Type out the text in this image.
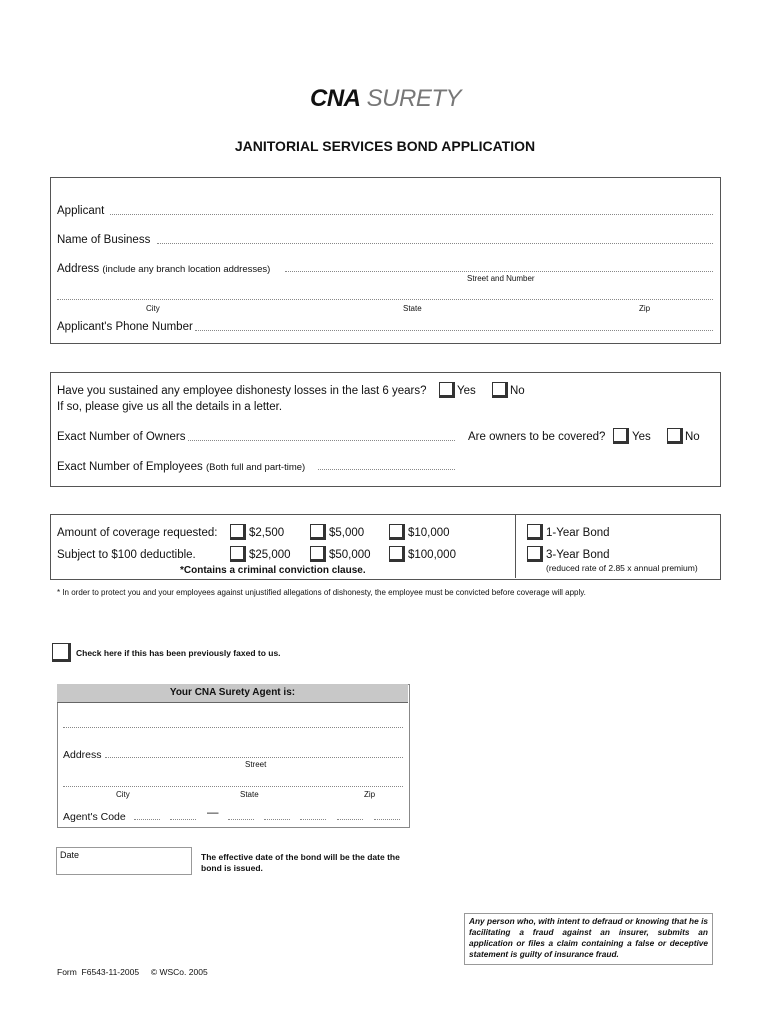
CNA SURETY
JANITORIAL SERVICES BOND APPLICATION
Applicant
Name of Business
Address (include any branch location addresses)
Street and Number
City	State	Zip
Applicant's Phone Number
Have you sustained any employee dishonesty losses in the last 6 years?	Yes	No
If so, please give us all the details in a letter.
Exact Number of Owners	Are owners to be covered? Yes	No
Exact Number of Employees (Both full and part-time)
Amount of coverage requested:	$2,500	$5,000	$10,000
Subject to $100 deductible.	$25,000	$50,000	$100,000
*Contains a criminal conviction clause.
1-Year Bond
3-Year Bond
(reduced rate of 2.85 x annual premium)
* In order to protect you and your employees against unjustified allegations of dishonesty, the employee must be convicted before coverage will apply.
Check here if this has been previously faxed to us.
Your CNA Surety Agent is:
Address
Street
City	State	Zip
Agent's Code	—
Date	The effective date of the bond will be the date the bond is issued.
Any person who, with intent to defraud or knowing that he is facilitating a fraud against an insurer, submits an application or files a claim containing a false or deceptive statement is guilty of insurance fraud.
Form  F6543-11-2005     © WSCo. 2005
